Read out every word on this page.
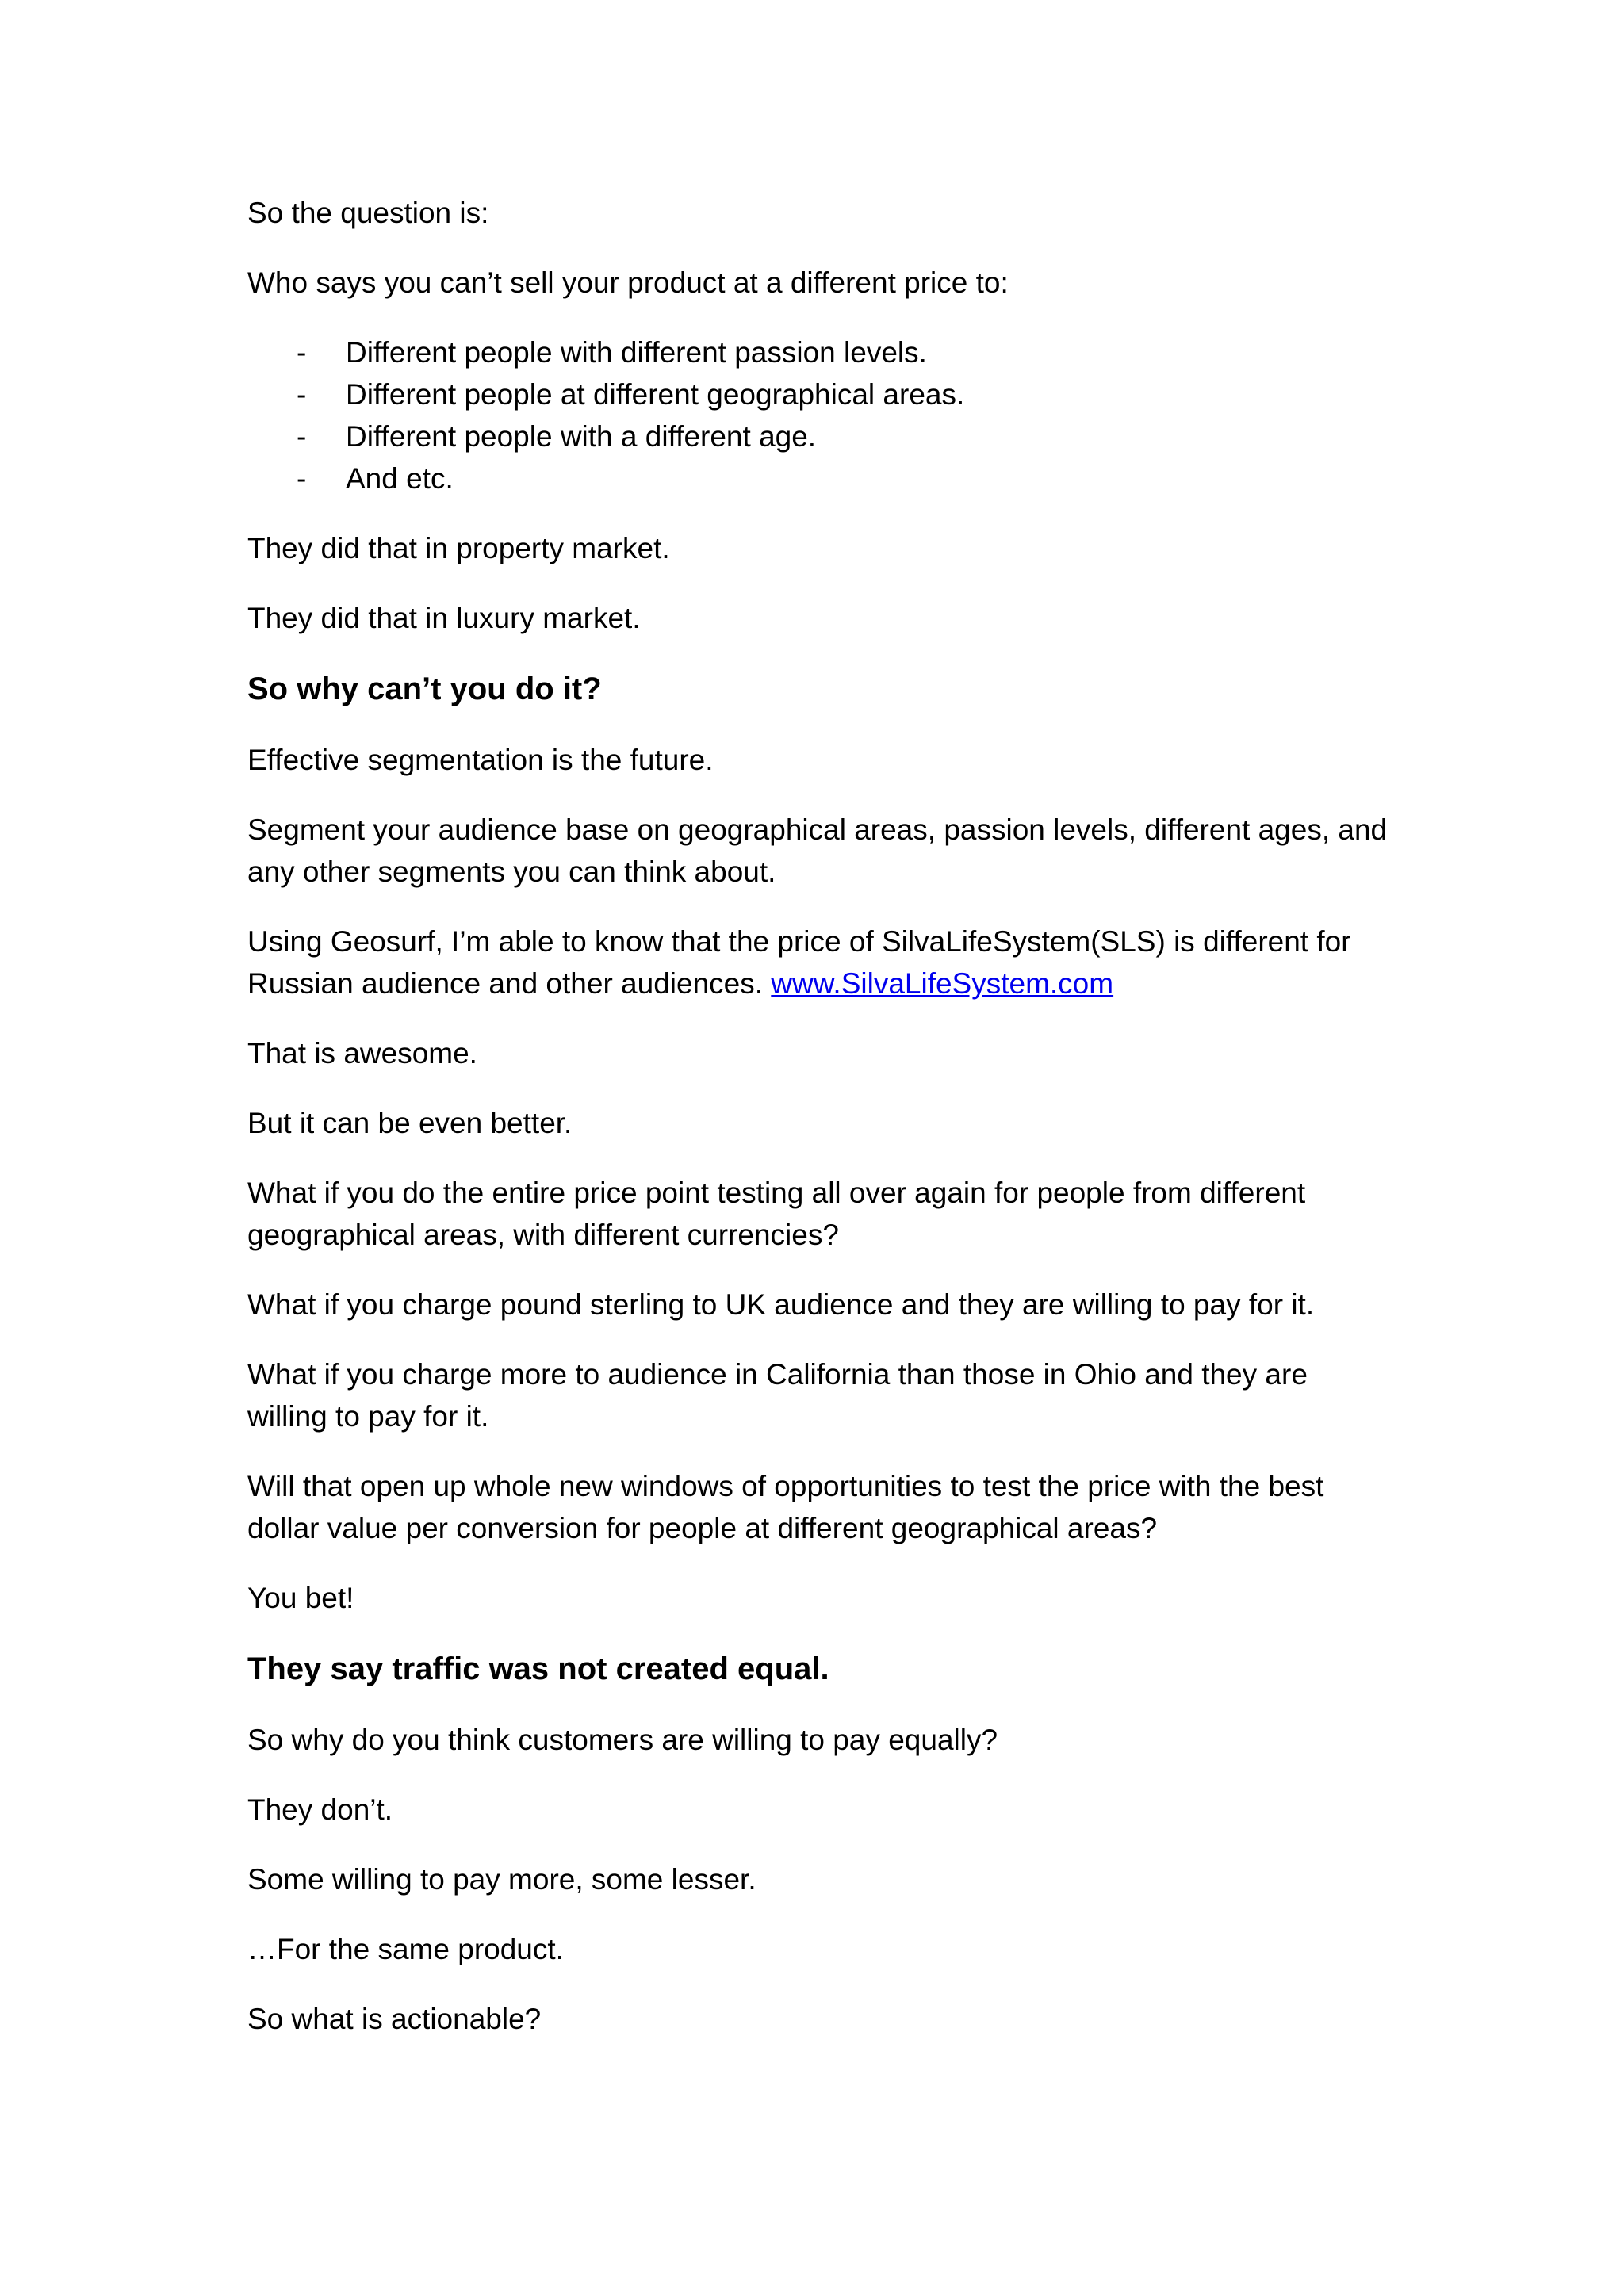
So the question is:

Who says you can’t sell your product at a different price to:

-	Different people with different passion levels.
-	Different people at different geographical areas.
-	Different people with a different age.
-	And etc.

They did that in property market.

They did that in luxury market.

So why can’t you do it?

Effective segmentation is the future.

Segment your audience base on geographical areas, passion levels, different ages, and any other segments you can think about.

Using Geosurf, I’m able to know that the price of SilvaLifeSystem(SLS) is different for Russian audience and other audiences. www.SilvaLifeSystem.com

That is awesome.

But it can be even better.

What if you do the entire price point testing all over again for people from different geographical areas, with different currencies?

What if you charge pound sterling to UK audience and they are willing to pay for it.

What if you charge more to audience in California than those in Ohio and they are willing to pay for it.

Will that open up whole new windows of opportunities to test the price with the best dollar value per conversion for people at different geographical areas?

You bet!

They say traffic was not created equal.

So why do you think customers are willing to pay equally?

They don’t.

Some willing to pay more, some lesser.

…For the same product.

So what is actionable?
